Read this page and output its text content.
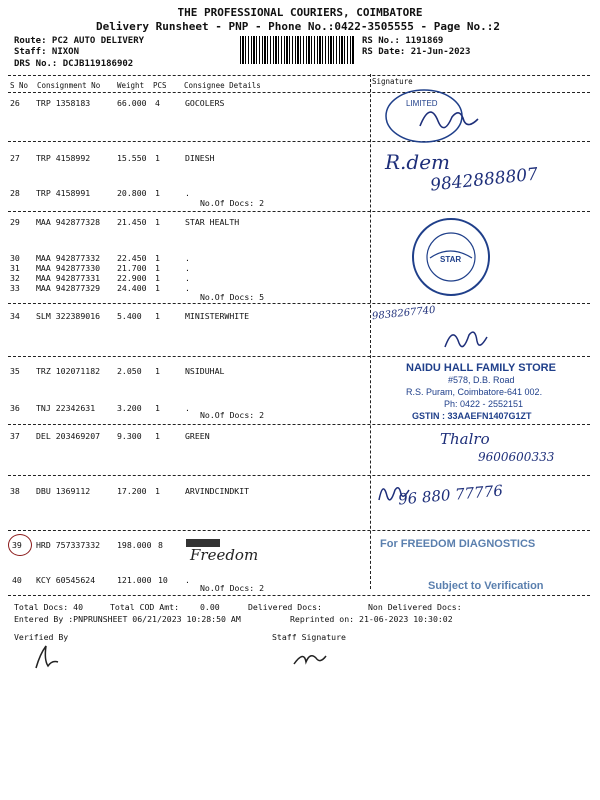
THE PROFESSIONAL COURIERS, COIMBATORE
Delivery Runsheet - PNP - Phone No.:0422-3505555 - Page No.:2
Route: PC2 AUTO DELIVERY
Staff: NIXON
DRS No.: DCJB119186902
RS No.: 1191869
RS Date: 21-Jun-2023
S No Consignment No Weight PCS Consignee Details	Signature
26 TRP 1358183	66.000 4	GOCOLERS
27 TRP 4158992	15.550 1	DINESH
28 TRP 4158991	20.800 1	.
No.Of Docs: 2
29 MAA 942877328 21.450 1	STAR HEALTH
30 MAA 942877332 22.450 1	.
31 MAA 942877330 21.700 1	.
32 MAA 942877331 22.900 1	.
33 MAA 942877329 24.400 1	.
No.Of Docs: 5
34 SLM 322389016 5.400 1	MINISTERWHITE
35 TRZ 102071182 2.050 1	NSIDUHAL
36 TNJ 22342631	3.200 1	.
No.Of Docs: 2
37 DEL 203469207 9.300 1	GREEN
38 DBU 1369112	17.200 1	ARVINDCINDKIT
39 HRD 757337332 198.000 8
40 KCY 60545624	121.000 10 .
No.Of Docs: 2
Total Docs: 40	Total COD Amt:	0.00	Delivered Docs:	Non Delivered Docs:
Entered By :PNPRUNSHEET 06/21/2023 10:28:50 AM	Reprinted on: 21-06-2023 10:30:02
Verified By	Staff Signature
LIMITED
R.dem
9842888807
STAR
9838267740
NAIDU HALL FAMILY STORE
#578, D.B. Road
R.S. Puram, Coimbatore-641 002.
Ph: 0422 - 2552151
GSTIN : 33AAEFN1407G1ZT
Thalro
9600600333
96 880 77776
Freedom
For FREEDOM DIAGNOSTICS
Subject to Verification
